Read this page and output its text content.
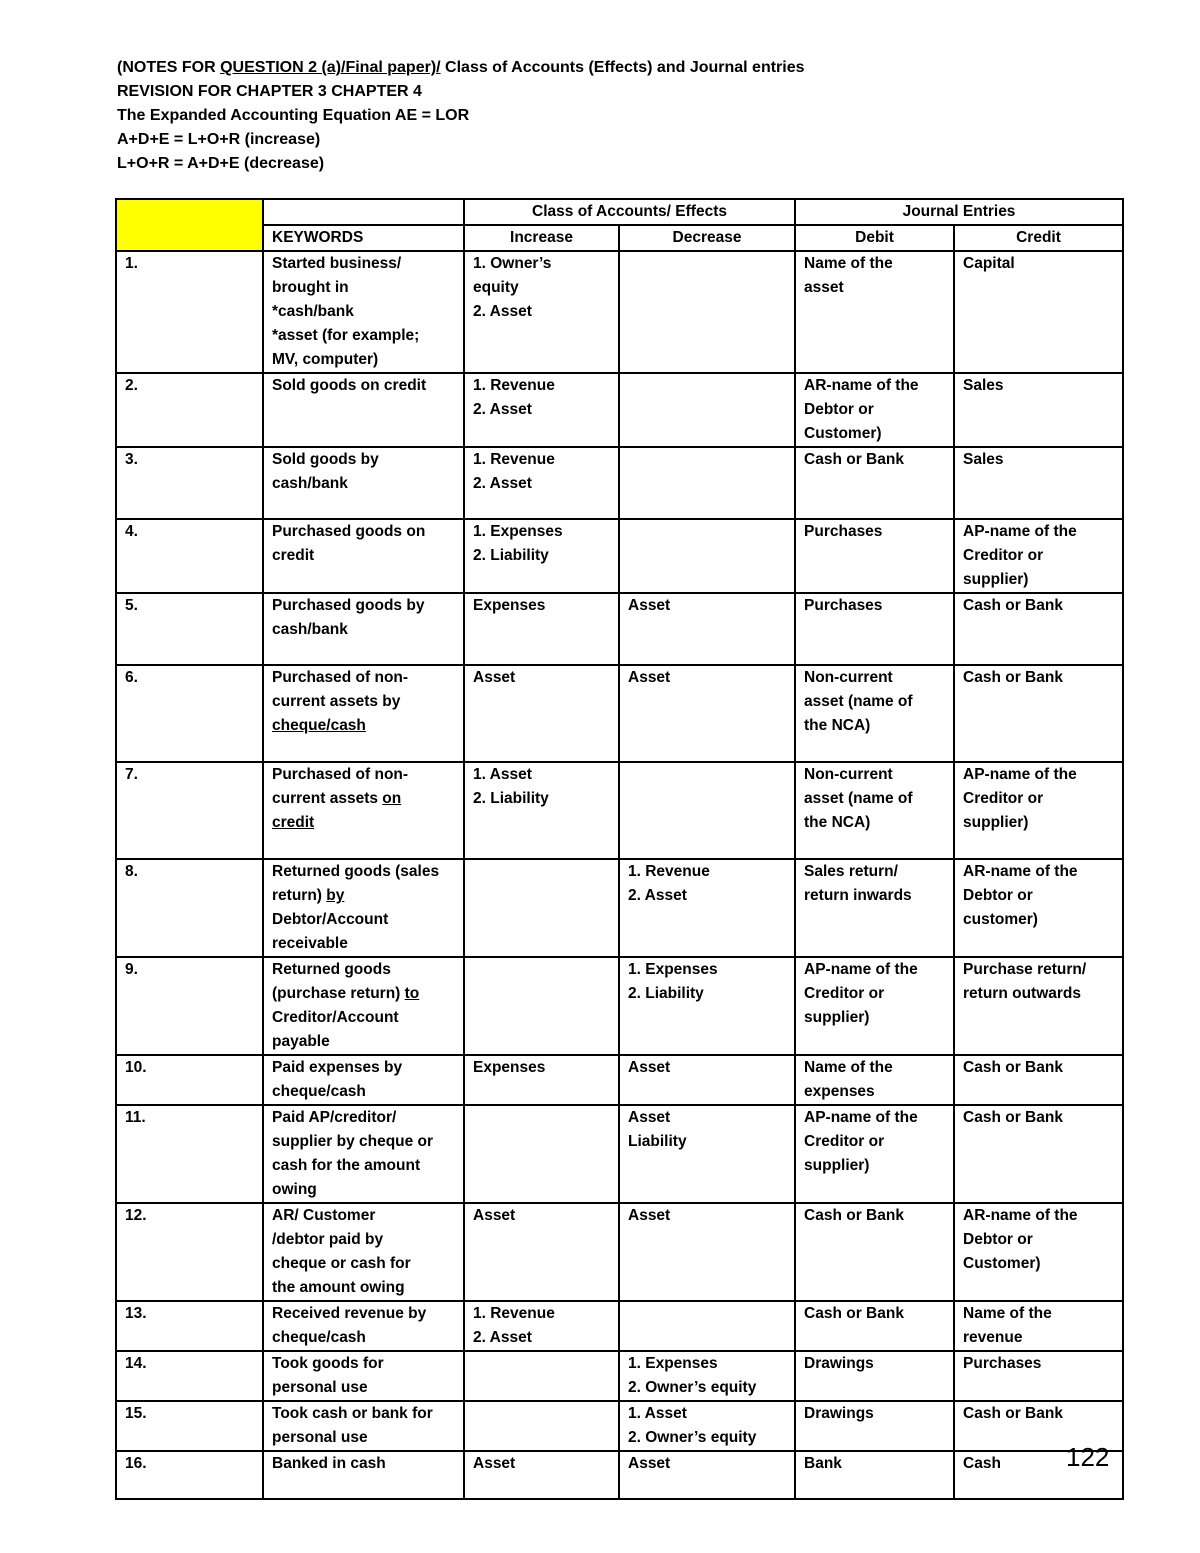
(NOTES FOR QUESTION 2 (a)/Final paper)/ Class of Accounts (Effects) and Journal entries
REVISION FOR CHAPTER 3 CHAPTER 4
The Expanded Accounting Equation AE = LOR
A+D+E = L+O+R (increase)
L+O+R = A+D+E (decrease)
		Class of Accounts/ Effects		Journal Entries	
	KEYWORDS	Increase	Decrease	Debit	Credit
1.	Started business/
brought in
*cash/bank
*asset (for example;
MV, computer)	1. Owner’s
equity
2. Asset		Name of the
asset	Capital

2.	Sold goods on credit	1. Revenue
2. Asset		AR-name of the
Debtor or
Customer)	Sales

3.	Sold goods by
cash/bank	1. Revenue
2. Asset		Cash or Bank	Sales

4.	Purchased goods on
credit	1. Expenses
2. Liability		Purchases	AP-name of the
Creditor or
supplier)

5.	Purchased goods by
cash/bank	Expenses	Asset	Purchases	Cash or Bank

6.	Purchased of non-
current assets by
cheque/cash	Asset	Asset	Non-current
asset (name of
the NCA)	Cash or Bank

7.	Purchased of non-
current assets on
credit	1. Asset
2. Liability		Non-current
asset (name of
the NCA)	AP-name of the
Creditor or
supplier)

8.	Returned goods (sales
return) by
Debtor/Account
receivable		1. Revenue
2. Asset	Sales return/
return inwards	AR-name of the
Debtor or
customer)

9.	Returned goods
(purchase return) to
Creditor/Account
payable		1. Expenses
2. Liability	AP-name of the
Creditor or
supplier)	Purchase return/
return outwards

10.	Paid expenses by
cheque/cash	Expenses	Asset	Name of the
expenses	Cash or Bank

11.	Paid AP/creditor/
supplier by cheque or
cash for the amount
owing		Asset
Liability	AP-name of the
Creditor or
supplier)	Cash or Bank

12.	AR/ Customer
/debtor paid by
cheque or cash for
the amount owing	Asset	Asset	Cash or Bank	AR-name of the
Debtor or
Customer)

13.	Received revenue by
cheque/cash	1. Revenue
2. Asset		Cash or Bank	Name of the
revenue

14.	Took goods for
personal use		1. Expenses
2. Owner’s equity	Drawings	Purchases

15.	Took cash or bank for
personal use		1. Asset
2. Owner’s equity	Drawings	Cash or Bank

16.	Banked in cash	Asset	Asset	Bank	Cash	122
